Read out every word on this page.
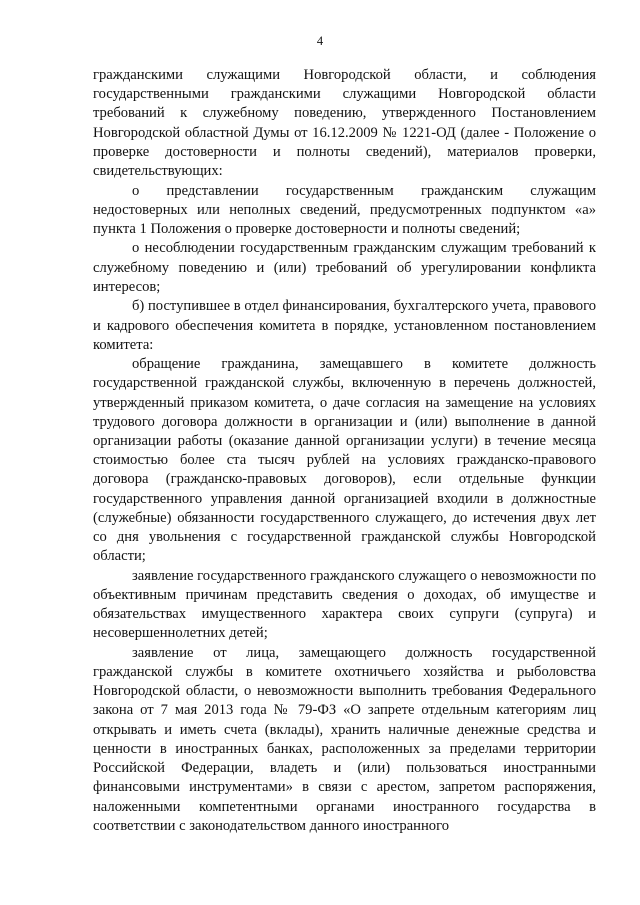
4

гражданскими служащими Новгородской области, и соблюдения государственными гражданскими служащими Новгородской области требований к служебному поведению, утвержденного Постановлением Новгородской областной Думы от 16.12.2009 № 1221-ОД (далее - Положение о проверке достоверности и полноты сведений), материалов проверки, свидетельствующих:

о представлении государственным гражданским служащим недостоверных или неполных сведений, предусмотренных подпунктом «а» пункта 1 Положения о проверке достоверности и полноты сведений;

о несоблюдении государственным гражданским служащим требований к служебному поведению и (или) требований об урегулировании конфликта интересов;

б) поступившее в отдел финансирования, бухгалтерского учета, правового и кадрового обеспечения комитета в порядке, установленном постановлением комитета:

обращение гражданина, замещавшего в комитете должность государственной гражданской службы, включенную в перечень должностей, утвержденный приказом комитета, о даче согласия на замещение на условиях трудового договора должности в организации и (или) выполнение в данной организации работы (оказание данной организации услуги) в течение месяца стоимостью более ста тысяч рублей на условиях гражданско-правового договора (гражданско-правовых договоров), если отдельные функции государственного управления данной организацией входили в должностные (служебные) обязанности государственного служащего, до истечения двух лет со дня увольнения с государственной гражданской службы Новгородской области;

заявление государственного гражданского служащего о невозможности по объективным причинам представить сведения о доходах, об имуществе и обязательствах имущественного характера своих супруги (супруга) и несовершеннолетних детей;

заявление от лица, замещающего должность государственной гражданской службы в комитете охотничьего хозяйства и рыболовства Новгородской области, о невозможности выполнить требования Федерального закона от 7 мая 2013 года № 79-ФЗ «О запрете отдельным категориям лиц открывать и иметь счета (вклады), хранить наличные денежные средства и ценности в иностранных банках, расположенных за пределами территории Российской Федерации, владеть и (или) пользоваться иностранными финансовыми инструментами» в связи с арестом, запретом распоряжения, наложенными компетентными органами иностранного государства в соответствии с законодательством данного иностранного
